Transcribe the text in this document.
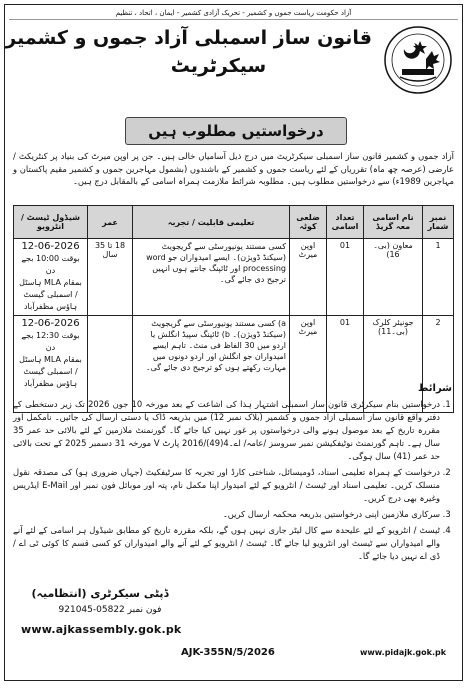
آزاد حکومت ریاست جموں و کشمیر - تحریک آزادی کشمیر - ایمان ، اتحاد ، تنظیم
قانون ساز اسمبلی آزاد جموں و کشمیر
سیکرٹریٹ
درخواستیں مطلوب ہیں

آزاد جموں و کشمیر قانون ساز اسمبلی سیکرٹریٹ میں درج ذیل آسامیاں خالی ہیں۔ جن پر اوپن میرٹ کی بنیاد پر کنٹریکٹ / عارضی (عرصہ چھ ماہ) تقرریاں کے لئے ریاست جموں و کشمیر کے باشندوں (بشمول مہاجرین جموں و کشمیر مقیم پاکستان و مہاجرین 1989ء) سے درخواستیں مطلوب ہیں۔ مطلوبہ شرائط ملازمت ہمراہ اسامی کے بالمقابل درج ہیں۔

نمبر شمار	نام اسامی معہ گریڈ	تعداد اسامی	ضلعی کوٹہ	تعلیمی قابلیت / تجربہ	عمر	شیڈول ٹیسٹ / انٹرویو
1	معاون (بی۔16)	01	اوپن میرٹ	کسی مستند یونیورسٹی سے گریجویٹ (سیکنڈ ڈویژن)۔ ایسے امیدواران جو word processing اور ٹائپنگ جانتے ہوں انہیں ترجیح دی جائے گی۔	18 تا 35 سال	12-06-2026
بوقت 10:00 بجے دن
بمقام MLA ہاسٹل / اسمبلی گیسٹ ہاؤس مظفرآباد

2	جونیئر کلرک (بی۔11)	01	اوپن میرٹ	a) کسی مستند یونیورسٹی سے گریجویٹ (سیکنڈ ڈویژن)۔ b) ٹائپنگ سپیڈ انگلش یا اردو میں 30 الفاظ فی منٹ۔ تاہم ایسے امیدواران جو انگلش اور اردو دونوں میں مہارت رکھتے ہوں کو ترجیح دی جائے گی۔		12-06-2026
بوقت 12:30 بجے دن
بمقام MLA ہاسٹل / اسمبلی گیسٹ ہاؤس مظفرآباد	شرائط
1. درخواستیں بنام سیکرٹری قانون ساز اسمبلی اشتہار ہذا کی اشاعت کے بعد مورخہ 10 جون 2026 تک زیر دستخطی کے دفتر واقع قانون ساز اسمبلی آزاد جموں و کشمیر (بلاک نمبر 12) میں بذریعہ ڈاک یا دستی ارسال کی جائیں۔ نامکمل اور مقررہ تاریخ کے بعد موصول ہونے والی درخواستوں پر غور نہیں کیا جائے گا۔ گورنمنٹ ملازمین کے لئے بالائی حد عمر 35 سال ہے۔ تاہم گورنمنٹ نوٹیفکیشن نمبر سروسز /عامہ/ اے۔4(49)/2016 پارٹ V مورخہ 31 دسمبر 2025 کے تحت بالائی حد عمر (41) سال ہوگی۔
2. درخواست کے ہمراہ تعلیمی اسناد، ڈومیسائل، شناختی کارڈ اور تجربہ کا سرٹیفکیٹ (جہاں ضروری ہو) کی مصدقہ نقول منسلک کریں۔ تعلیمی اسناد اور ٹیسٹ / انٹرویو کے لئے امیدوار اپنا مکمل نام، پتہ اور موبائل فون نمبر اور E-Mail ایڈریس وغیرہ بھی درج کریں۔
3. سرکاری ملازمین اپنی درخواستیں بذریعہ محکمہ ارسال کریں۔
4. ٹیسٹ / انٹرویو کے لئے علیحدہ سے کال لیٹر جاری نہیں ہوں گے، بلکہ مقررہ تاریخ کو مطابق شیڈول ہر اسامی کے لئے آنے والے امیدواران سے ٹیسٹ اور انٹرویو لیا جائے گا۔ ٹیسٹ / انٹرویو کے لئے آنے والے امیدواران کو کسی قسم کا کوئی ٹی اے / ڈی اے نہیں دیا جائے گا۔
ڈپٹی سیکرٹری (انتظامیہ)
فون نمبر 05822-921045
www.ajkassembly.gok.pk
AJK-355N/5/2026	www.pidajk.gok.pk
